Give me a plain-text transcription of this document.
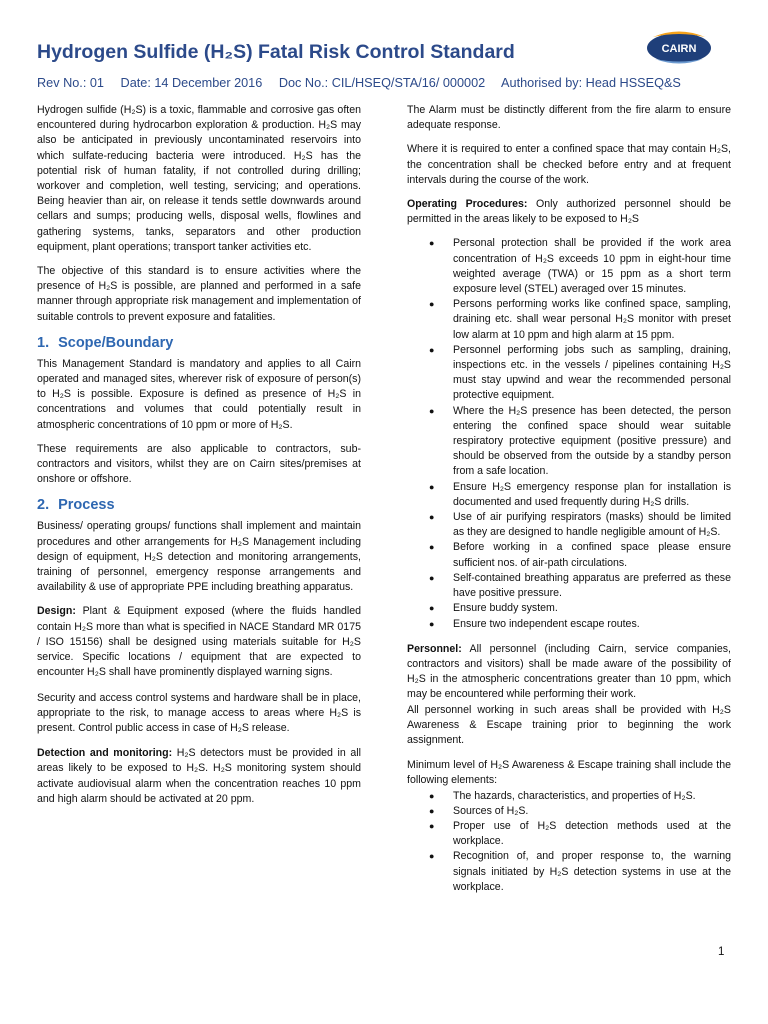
Hydrogen Sulfide (H₂S) Fatal Risk Control Standard	CAIRN
Rev No.: 01 Date: 14 December 2016 Doc No.: CIL/HSEQ/STA/16/ 000002 Authorised by: Head HSSEQ&S

Hydrogen sulfide (H₂S) is a toxic, flammable and corrosive gas often encountered during hydrocarbon exploration & production. H₂S may also be anticipated in previously uncontaminated reservoirs into which sulfate-reducing bacteria were introduced. H₂S has the potential risk of human fatality, if not controlled during drilling; workover and completion, well testing, servicing; and operations. Being heavier than air, on release it tends settle downwards around cellars and sumps; producing wells, disposal wells, flowlines and gathering systems, tanks, separators and other production equipment, plant operations; transport tanker activities etc.

The objective of this standard is to ensure activities where the presence of H₂S is possible, are planned and performed in a safe manner through appropriate risk management and implementation of suitable controls to prevent exposure and fatalities.

1. Scope/Boundary

This Management Standard is mandatory and applies to all Cairn operated and managed sites, wherever risk of exposure of person(s) to H₂S is possible. Exposure is defined as presence of H₂S in concentrations and volumes that could potentially result in atmospheric concentrations of 10 ppm or more of H₂S.

These requirements are also applicable to contractors, sub-contractors and visitors, whilst they are on Cairn sites/premises at onshore or offshore.

2. Process

Business/ operating groups/ functions shall implement and maintain procedures and other arrangements for H₂S Management including design of equipment, H₂S detection and monitoring arrangements, training of personnel, emergency response arrangements and availability & use of appropriate PPE including breathing apparatus.

Design: Plant & Equipment exposed (where the fluids handled contain H₂S more than what is specified in NACE Standard MR 0175 / ISO 15156) shall be designed using materials suitable for H₂S service. Specific locations / equipment that are expected to encounter H₂S shall have prominently displayed warning signs.

Security and access control systems and hardware shall be in place, appropriate to the risk, to manage access to areas where H₂S is present. Control public access in case of H₂S release.

Detection and monitoring: H₂S detectors must be provided in all areas likely to be exposed to H₂S. H₂S monitoring system should activate audiovisual alarm when the concentration reaches 10 ppm and high alarm should be activated at 20 ppm.

The Alarm must be distinctly different from the fire alarm to ensure adequate response.

Where it is required to enter a confined space that may contain H₂S, the concentration shall be checked before entry and at frequent intervals during the course of the work.

Operating Procedures: Only authorized personnel should be permitted in the areas likely to be exposed to H₂S

● Personal protection shall be provided if the work area concentration of H₂S exceeds 10 ppm in eight-hour time weighted average (TWA) or 15 ppm as a short term exposure level (STEL) averaged over 15 minutes.
● Persons performing works like confined space, sampling, draining etc. shall wear personal H₂S monitor with preset low alarm at 10 ppm and high alarm at 15 ppm.
● Personnel performing jobs such as sampling, draining, inspections etc. in the vessels / pipelines containing H₂S must stay upwind and wear the recommended personal protective equipment.
● Where the H₂S presence has been detected, the person entering the confined space should wear suitable respiratory protective equipment (positive pressure) and should be observed from the outside by a standby person from a safe location.
● Ensure H₂S emergency response plan for installation is documented and used frequently during H₂S drills.
● Use of air purifying respirators (masks) should be limited as they are designed to handle negligible amount of H₂S.
● Before working in a confined space please ensure sufficient nos. of air-path circulations.
● Self-contained breathing apparatus are preferred as these have positive pressure.
● Ensure buddy system.
● Ensure two independent escape routes.

Personnel: All personnel (including Cairn, service companies, contractors and visitors) shall be made aware of the possibility of H₂S in the atmospheric concentrations greater than 10 ppm, which may be encountered while performing their work.

All personnel working in such areas shall be provided with H₂S Awareness & Escape training prior to beginning the work assignment.

Minimum level of H₂S Awareness & Escape training shall include the following elements:

● The hazards, characteristics, and properties of H₂S.
● Sources of H₂S.
● Proper use of H₂S detection methods used at the workplace.
● Recognition of, and proper response to, the warning signals initiated by H₂S detection systems in use at the workplace.
1
